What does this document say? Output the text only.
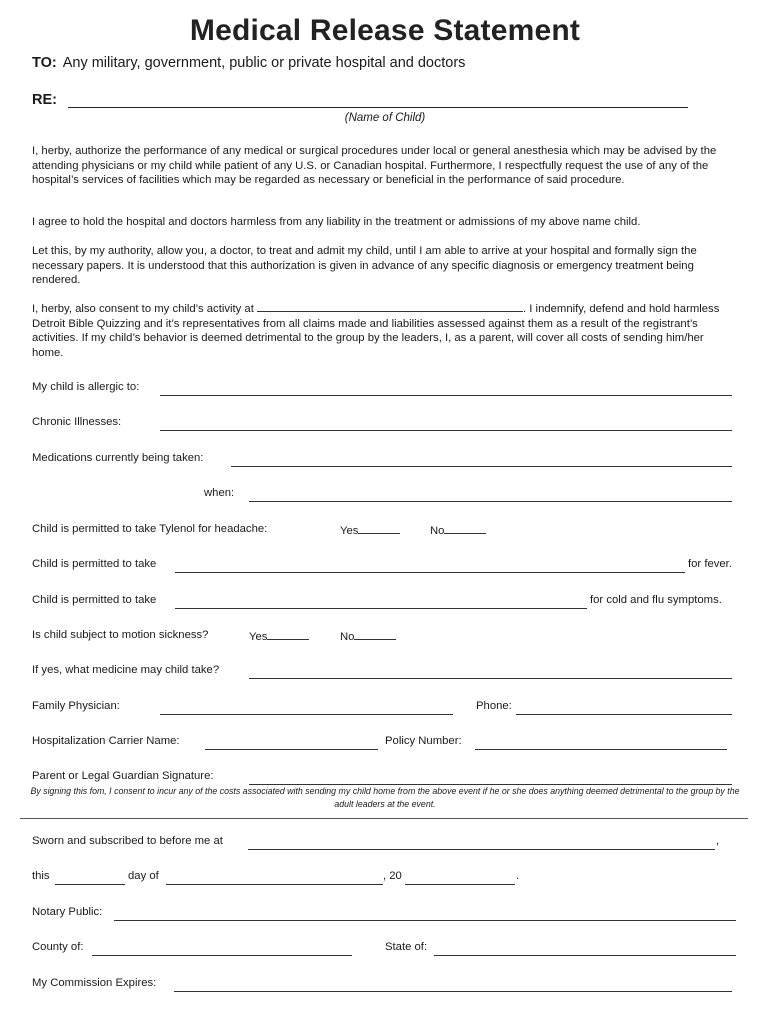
Medical Release Statement
TO: Any military, government, public or private hospital and doctors
RE:
(Name of Child)

I, herby, authorize the performance of any medical or surgical procedures under local or general anesthesia which may be advised by the attending physicians or my child while patient of any U.S. or Canadian hospital. Furthermore, I respectfully request the use of any of the hospital’s services of facilities which may be regarded as necessary or beneficial in the performance of said procedure.

I agree to hold the hospital and doctors harmless from any liability in the treatment or admissions of my above name child.

Let this, by my authority, allow you, a doctor, to treat and admit my child, until I am able to arrive at your hospital and formally sign the necessary papers. It is understood that this authorization is given in advance of any specific diagnosis or emergency treatment being rendered.

I, herby, also consent to my child’s activity at	. I indemnify, defend and hold harmless Detroit Bible Quizzing and it’s representatives from all claims made and liabilities assessed against them as a result of the registrant’s activities. If my child’s behavior is deemed detrimental to the group by the leaders, I, as a parent, will cover all costs of sending him/her home.

My child is allergic to:
Chronic Illnesses:
Medications currently being taken:
when:
Child is permitted to take Tylenol for headache:	Yes	No
Child is permitted to take	for fever.
Child is permitted to take	for cold and flu symptoms.
Is child subject to motion sickness?	Yes	No
If yes, what medicine may child take?
Family Physician:	Phone:
Hospitalization Carrier Name:	Policy Number:
Parent or Legal Guardian Signature:
By signing this fom, I consent to incur any of the costs associated with sending my child home from the above event if he or she does anything deemed detrimental to the group by the adult leaders at the event.
Sworn and subscribed to before me at	,
this	day of	, 20	.
Notary Public:
County of:	State of:
My Commission Expires:
